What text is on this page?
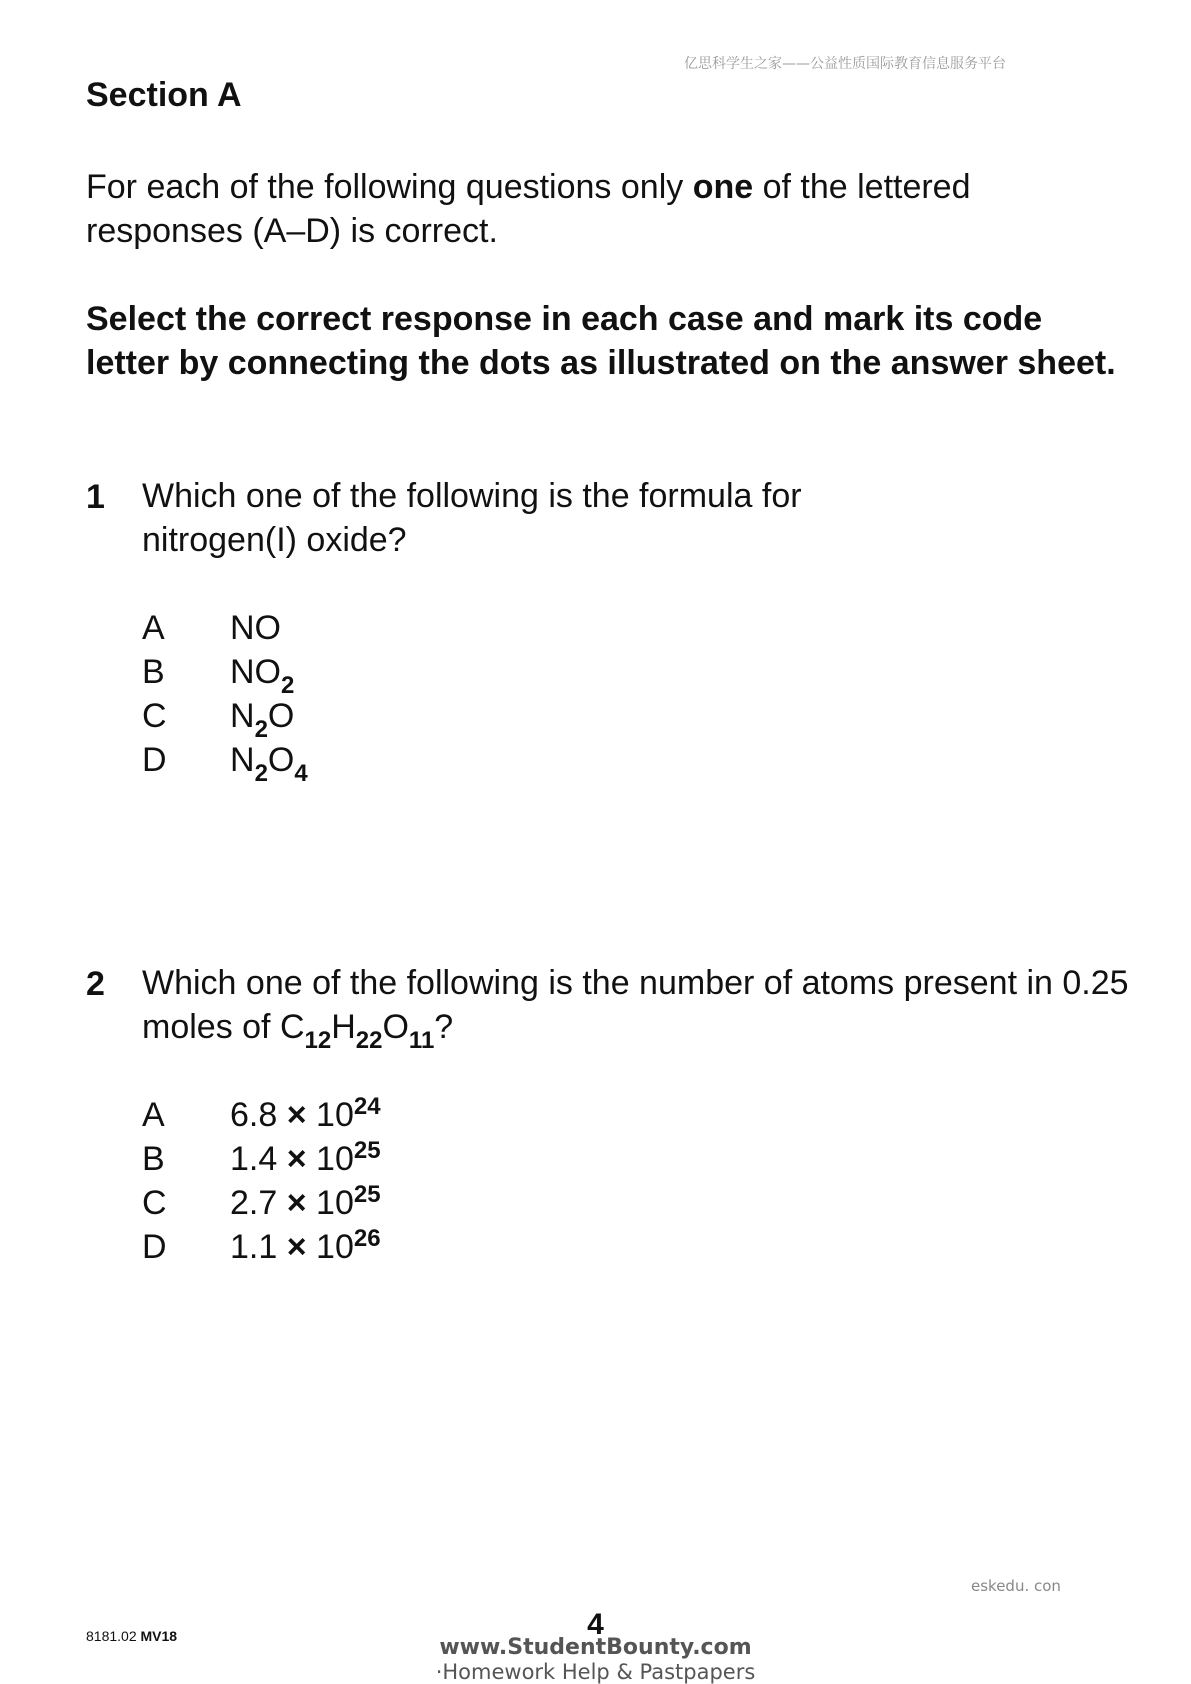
亿思科学生之家——公益性质国际教育信息服务平台
Section A
For each of the following questions only one of the lettered responses (A–D) is correct.
Select the correct response in each case and mark its code letter by connecting the dots as illustrated on the answer sheet.
1 Which one of the following is the formula for nitrogen(I) oxide?
A	NO
B	$NO_2$
C	$N_2O$
D	$N_2O_4$
2 Which one of the following is the number of atoms present in 0.25 moles of $C_{12}H_{22}O_{11}$?
A	$6.8 \times 10^{24}$
B	$1.4 \times 10^{25}$
C	$2.7 \times 10^{25}$
D	$1.1 \times 10^{26}$
eskedu. con
8181.02 MV18	4
www.StudentBounty.com
·Homework Help & Pastpapers
